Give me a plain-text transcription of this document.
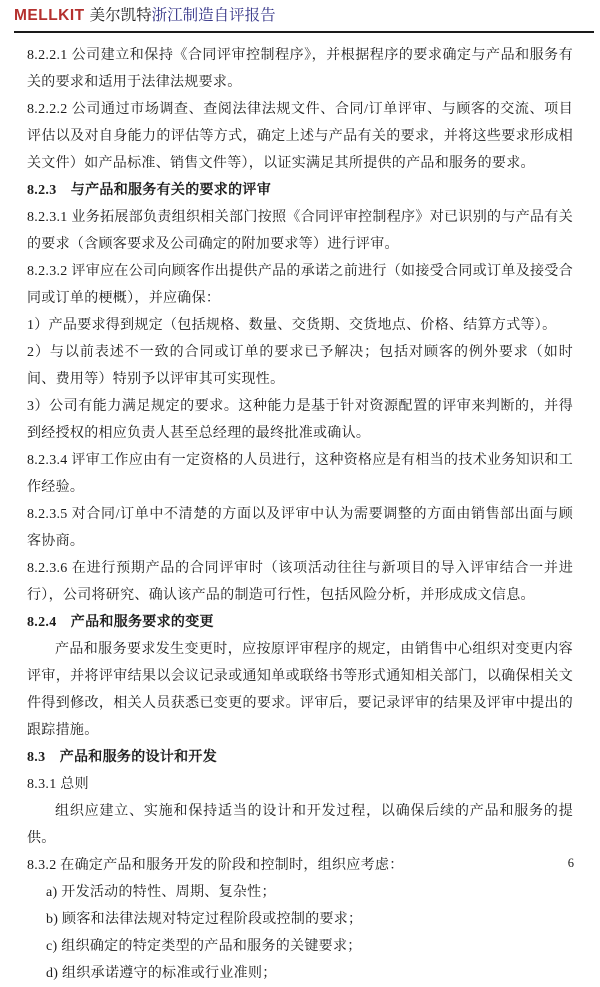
MELLKIT 美尔凯特浙江制造自评报告

8.2.2.1 公司建立和保持《合同评审控制程序》，并根据程序的要求确定与产品和服务有关的要求和适用于法律法规要求。

8.2.2.2 公司通过市场调查、查阅法律法规文件、合同/订单评审、与顾客的交流、项目评估以及对自身能力的评估等方式，确定上述与产品有关的要求，并将这些要求形成相关文件）如产品标准、销售文件等），以证实满足其所提供的产品和服务的要求。

8.2.3　与产品和服务有关的要求的评审

8.2.3.1 业务拓展部负责组织相关部门按照《合同评审控制程序》对已识别的与产品有关的要求（含顾客要求及公司确定的附加要求等）进行评审。

8.2.3.2 评审应在公司向顾客作出提供产品的承诺之前进行（如接受合同或订单及接受合同或订单的梗概），并应确保：

1）产品要求得到规定（包括规格、数量、交货期、交货地点、价格、结算方式等）。

2）与以前表述不一致的合同或订单的要求已予解决；包括对顾客的例外要求（如时间、费用等）特别予以评审其可实现性。

3）公司有能力满足规定的要求。这种能力是基于针对资源配置的评审来判断的，并得到经授权的相应负责人甚至总经理的最终批准或确认。

8.2.3.4 评审工作应由有一定资格的人员进行，这种资格应是有相当的技术业务知识和工作经验。

8.2.3.5 对合同/订单中不清楚的方面以及评审中认为需要调整的方面由销售部出面与顾客协商。

8.2.3.6 在进行预期产品的合同评审时（该项活动往往与新项目的导入评审结合一并进行），公司将研究、确认该产品的制造可行性，包括风险分析，并形成成文信息。

8.2.4　产品和服务要求的变更

产品和服务要求发生变更时，应按原评审程序的规定，由销售中心组织对变更内容评审，并将评审结果以会议记录或通知单或联络书等形式通知相关部门，以确保相关文件得到修改，相关人员获悉已变更的要求。评审后，要记录评审的结果及评审中提出的跟踪措施。

8.3　产品和服务的设计和开发

8.3.1 总则

组织应建立、实施和保持适当的设计和开发过程，以确保后续的产品和服务的提供。

8.3.2 在确定产品和服务开发的阶段和控制时，组织应考虑：

a) 开发活动的特性、周期、复杂性；

b) 顾客和法律法规对特定过程阶段或控制的要求；

c) 组织确定的特定类型的产品和服务的关键要求；

d) 组织承诺遵守的标准或行业准则；

6
